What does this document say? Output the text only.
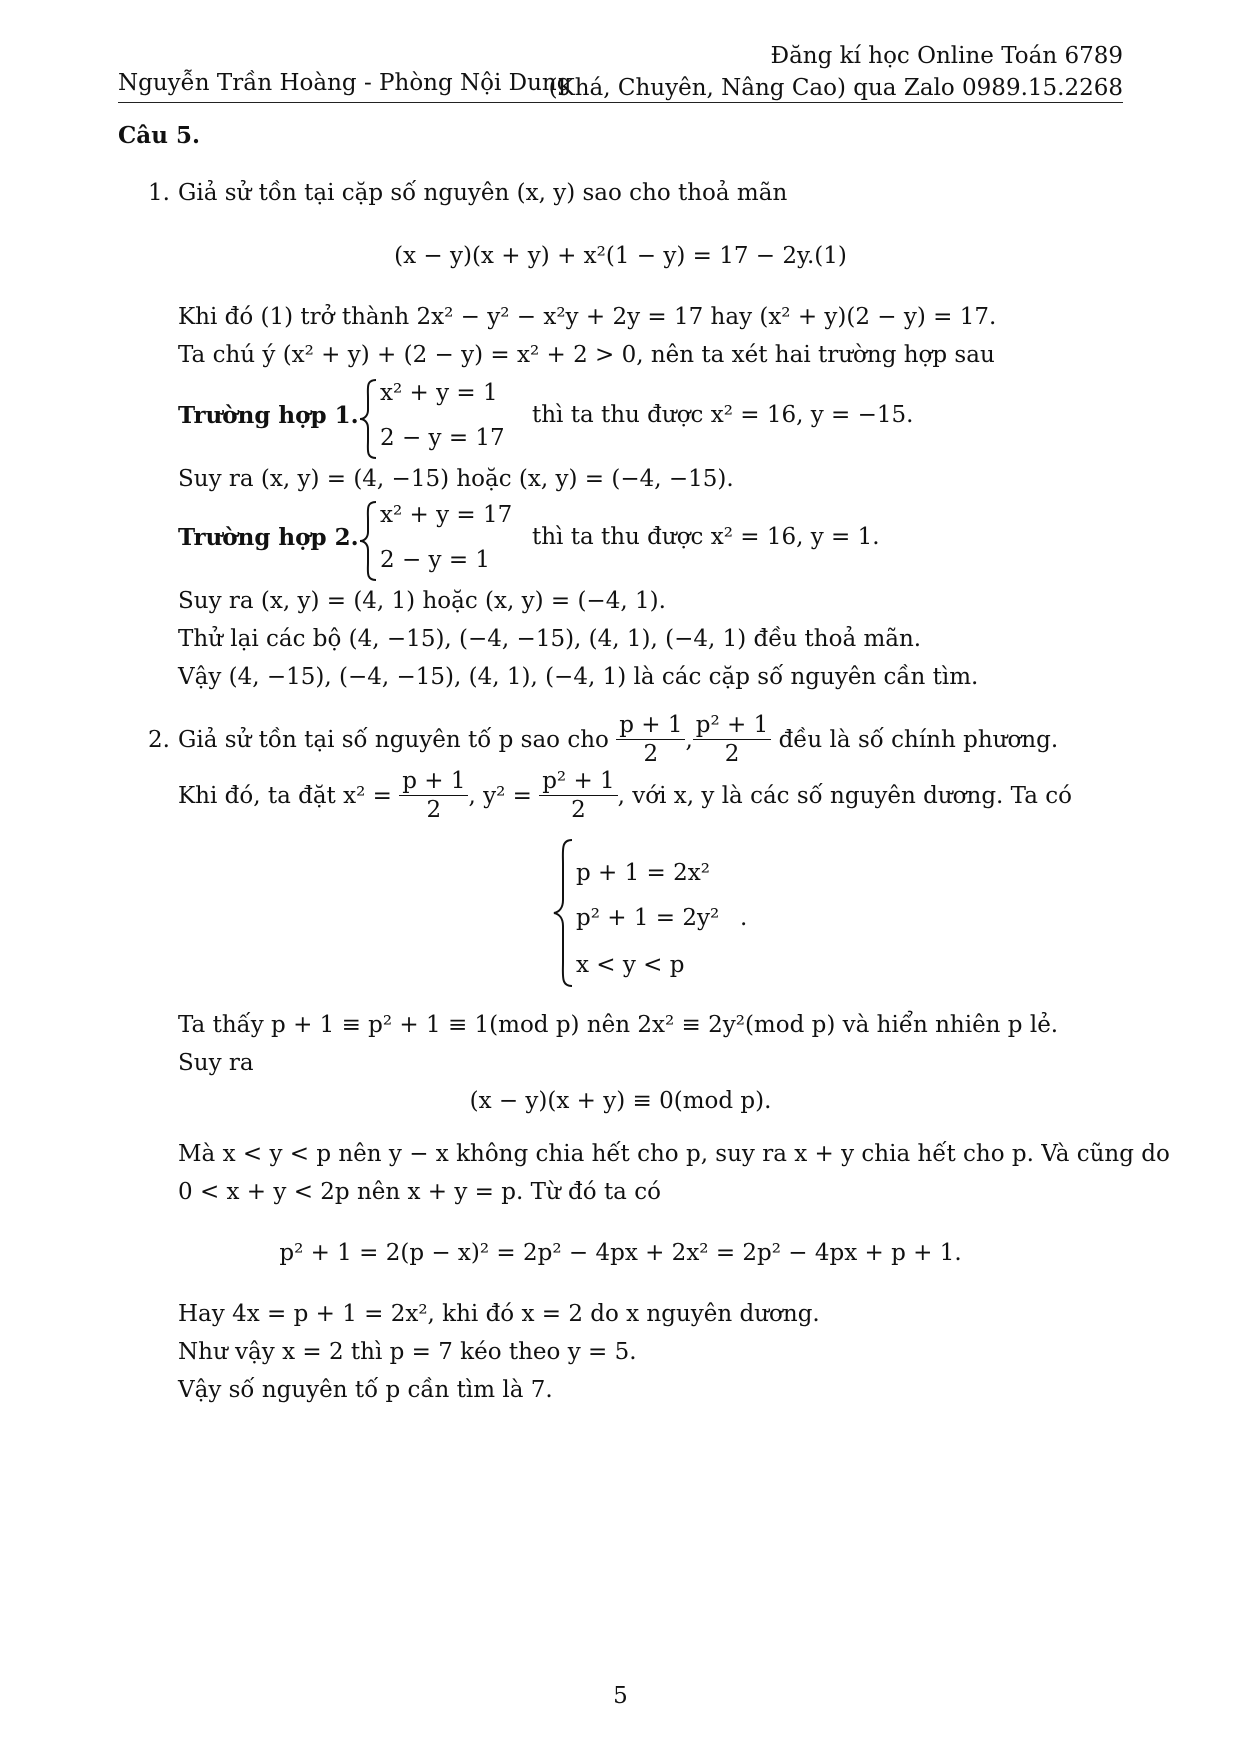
Nguyễn Trần Hoàng - Phòng Nội Dung
Đăng kí học Online Toán 6789
(Khá, Chuyên, Nâng Cao) qua Zalo 0989.15.2268
Câu 5.
1. Giả sử tồn tại cặp số nguyên (x, y) sao cho thoả mãn
(x − y)(x + y) + x²(1 − y) = 17 − 2y.(1)
Khi đó (1) trở thành 2x² − y² − x²y + 2y = 17 hay (x² + y)(2 − y) = 17.
Ta chú ý (x² + y) + (2 − y) = x² + 2 > 0, nên ta xét hai trường hợp sau
Trường hợp 1.
x² + y = 1
2 − y = 17
thì ta thu được x² = 16, y = −15.
Suy ra (x, y) = (4, −15) hoặc (x, y) = (−4, −15).
Trường hợp 2.
x² + y = 17
2 − y = 1
thì ta thu được x² = 16, y = 1.
Suy ra (x, y) = (4, 1) hoặc (x, y) = (−4, 1).
Thử lại các bộ (4, −15), (−4, −15), (4, 1), (−4, 1) đều thoả mãn.
Vậy (4, −15), (−4, −15), (4, 1), (−4, 1) là các cặp số nguyên cần tìm.
2. Giả sử tồn tại số nguyên tố p sao cho $\frac{p + 1}{2}$ , $\frac{\text{p² + 1}}{2}$ đều là số chính phương.
Khi đó, ta đặt $x^2 = \frac{p + 1}{2}$ , $y^2 = \frac{\text{p² + 1}}{2}$ , với x, y là các số nguyên dương. Ta có
p + 1 = 2x²
p² + 1 = 2y²
x < y < p
.
Ta thấy p + 1 ≡ p² + 1 ≡ 1(mod p) nên 2x² ≡ 2y²(mod p) và hiển nhiên p lẻ.
Suy ra
(x − y)(x + y) ≡ 0(mod p).
Mà x < y < p nên y − x không chia hết cho p, suy ra x + y chia hết cho p. Và cũng do
0 < x + y < 2p nên x + y = p. Từ đó ta có
p² + 1 = 2(p − x)² = 2p² − 4px + 2x² = 2p² − 4px + p + 1.
Hay 4x = p + 1 = 2x², khi đó x = 2 do x nguyên dương.
Như vậy x = 2 thì p = 7 kéo theo y = 5.
Vậy số nguyên tố p cần tìm là 7.
5
